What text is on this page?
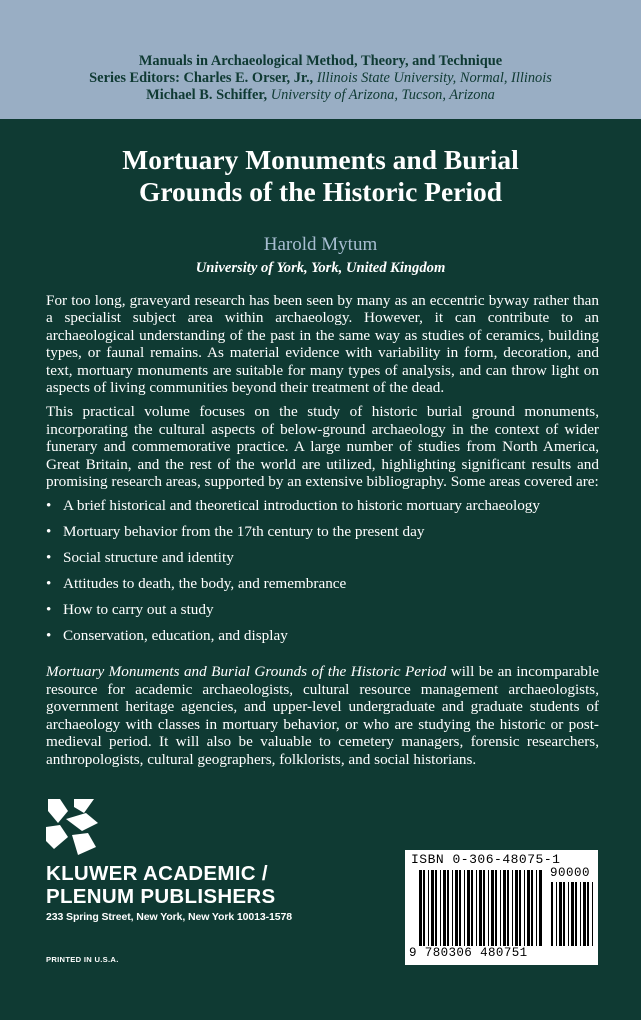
Manuals in Archaeological Method, Theory, and Technique
Series Editors: Charles E. Orser, Jr., Illinois State University, Normal, Illinois
Michael B. Schiffer, University of Arizona, Tucson, Arizona
Mortuary Monuments and Burial
Grounds of the Historic Period
Harold Mytum
University of York, York, United Kingdom

For too long, graveyard research has been seen by many as an eccentric byway rather than a specialist subject area within archaeology. However, it can contribute to an archaeological understanding of the past in the same way as studies of ceramics, building types, or faunal remains. As material evidence with variability in form, decoration, and text, mortuary monuments are suitable for many types of analysis, and can throw light on aspects of living communities beyond their treatment of the dead.

This practical volume focuses on the study of historic burial ground monuments, incorporating the cultural aspects of below-ground archaeology in the context of wider funerary and commemorative practice. A large number of studies from North America, Great Britain, and the rest of the world are utilized, highlighting significant results and promising research areas, supported by an extensive bibliography. Some areas covered are:

• A brief historical and theoretical introduction to historic mortuary archaeology
• Mortuary behavior from the 17th century to the present day
• Social structure and identity
• Attitudes to death, the body, and remembrance
• How to carry out a study
• Conservation, education, and display

Mortuary Monuments and Burial Grounds of the Historic Period will be an incomparable resource for academic archaeologists, cultural resource management archaeologists, government heritage agencies, and upper-level undergraduate and graduate students of archaeology with classes in mortuary behavior, or who are studying the historic or post-medieval period. It will also be valuable to cemetery managers, forensic researchers, anthropologists, cultural geographers, folklorists, and social historians.

KLUWER ACADEMIC /
PLENUM PUBLISHERS
233 Spring Street, New York, New York 10013-1578
PRINTED IN U.S.A.
ISBN 0-306-48075-1
90000
9 780306 480751
